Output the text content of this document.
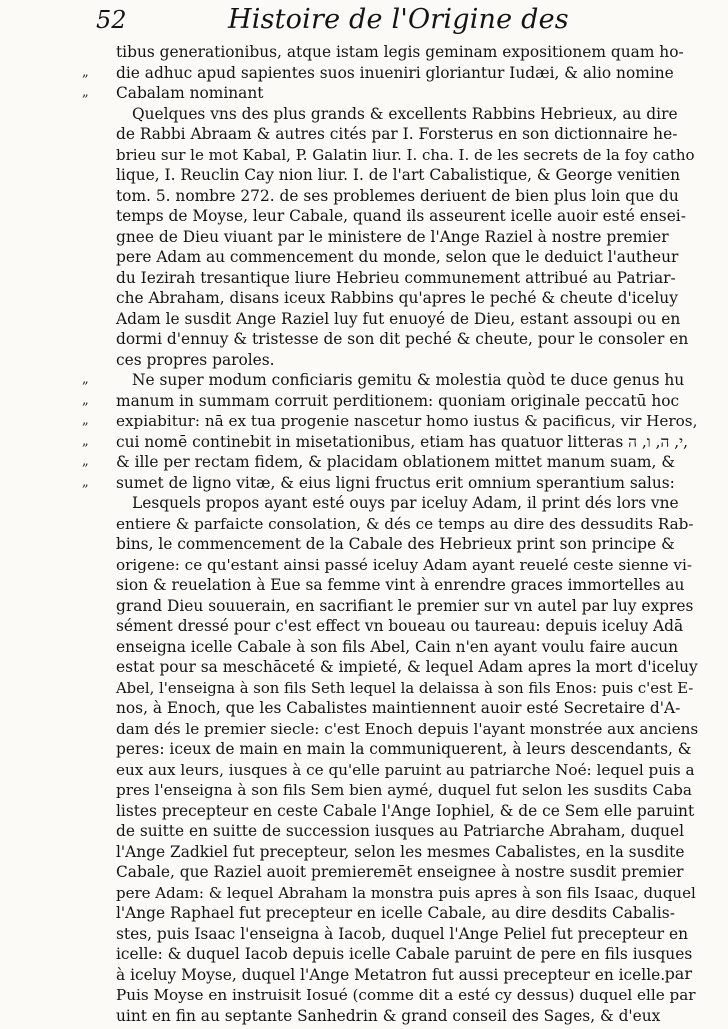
52	Histoire de l'Origine des
tibus generationibus, atque istam legis geminam expositionem quam ho-
„	die adhuc apud sapientes suos inueniri gloriantur Iudæi, & alio nomine
„	Cabalam nominant
Quelques vns des plus grands & excellents Rabbins Hebrieux, au dire
de Rabbi Abraam & autres cités par I. Forsterus en son dictionnaire he-
brieu sur le mot Kabal, P. Galatin liur. I. cha. I. de les secrets de la foy catho
lique, I. Reuclin Cay nion liur. I. de l'art Cabalistique, & George venitien
tom. 5. nombre 272. de ses problemes deriuent de bien plus loin que du
temps de Moyse, leur Cabale, quand ils asseurent icelle auoir esté ensei-
gnee de Dieu viuant par le ministere de l'Ange Raziel à nostre premier
pere Adam au commencement du monde, selon que le deduict l'autheur
du Iezirah tresantique liure Hebrieu communement attribué au Patriar-
che Abraham, disans iceux Rabbins qu'apres le peché & cheute d'iceluy
Adam le susdit Ange Raziel luy fut enuoyé de Dieu, estant assoupi ou en
dormi d'ennuy & tristesse de son dit peché & cheute, pour le consoler en
ces propres paroles.
„	Ne super modum conficiaris gemitu & molestia quòd te duce genus hu
„	manum in summam corruit perditionem: quoniam originale peccatū hoc
„	expiabitur: nā ex tua progenie nascetur homo iustus & pacificus, vir Heros,
„	cui nomē continebit in misetationibus, etiam has quatuor litteras י, ה, ו, ה,
„	& ille per rectam fidem, & placidam oblationem mittet manum suam, &
„	sumet de ligno vitæ, & eius ligni fructus erit omnium sperantium salus:
Lesquels propos ayant esté ouys par iceluy Adam, il print dés lors vne
entiere & parfaicte consolation, & dés ce temps au dire des dessudits Rab-
bins, le commencement de la Cabale des Hebrieux print son principe &
origene: ce qu'estant ainsi passé iceluy Adam ayant reuelé ceste sienne vi-
sion & reuelation à Eue sa femme vint à enrendre graces immortelles au
grand Dieu souuerain, en sacrifiant le premier sur vn autel par luy expres
sément dressé pour c'est effect vn boueau ou taureau: depuis iceluy Adā
enseigna icelle Cabale à son fils Abel, Cain n'en ayant voulu faire aucun
estat pour sa meschāceté & impieté, & lequel Adam apres la mort d'iceluy
Abel, l'enseigna à son fils Seth lequel la delaissa à son fils Enos: puis c'est E-
nos, à Enoch, que les Cabalistes maintiennent auoir esté Secretaire d'A-
dam dés le premier siecle: c'est Enoch depuis l'ayant monstrée aux anciens
peres: iceux de main en main la communiquerent, à leurs descendants, &
eux aux leurs, iusques à ce qu'elle paruint au patriarche Noé: lequel puis a
pres l'enseigna à son fils Sem bien aymé, duquel fut selon les susdits Caba
listes precepteur en ceste Cabale l'Ange Iophiel, & de ce Sem elle paruint
de suitte en suitte de succession iusques au Patriarche Abraham, duquel
l'Ange Zadkiel fut precepteur, selon les mesmes Cabalistes, en la susdite
Cabale, que Raziel auoit premieremēt enseignee à nostre susdit premier
pere Adam: & lequel Abraham la monstra puis apres à son fils Isaac, duquel
l'Ange Raphael fut precepteur en icelle Cabale, au dire desdits Cabalis-
stes, puis Isaac l'enseigna à Iacob, duquel l'Ange Peliel fut precepteur en
icelle: & duquel Iacob depuis icelle Cabale paruint de pere en fils iusques
à iceluy Moyse, duquel l'Ange Metatron fut aussi precepteur en icelle.
Puis Moyse en instruisit Iosué (comme dit a esté cy dessus) duquel elle par
uint en fin au septante Sanhedrin & grand conseil des Sages, & d'eux
par
